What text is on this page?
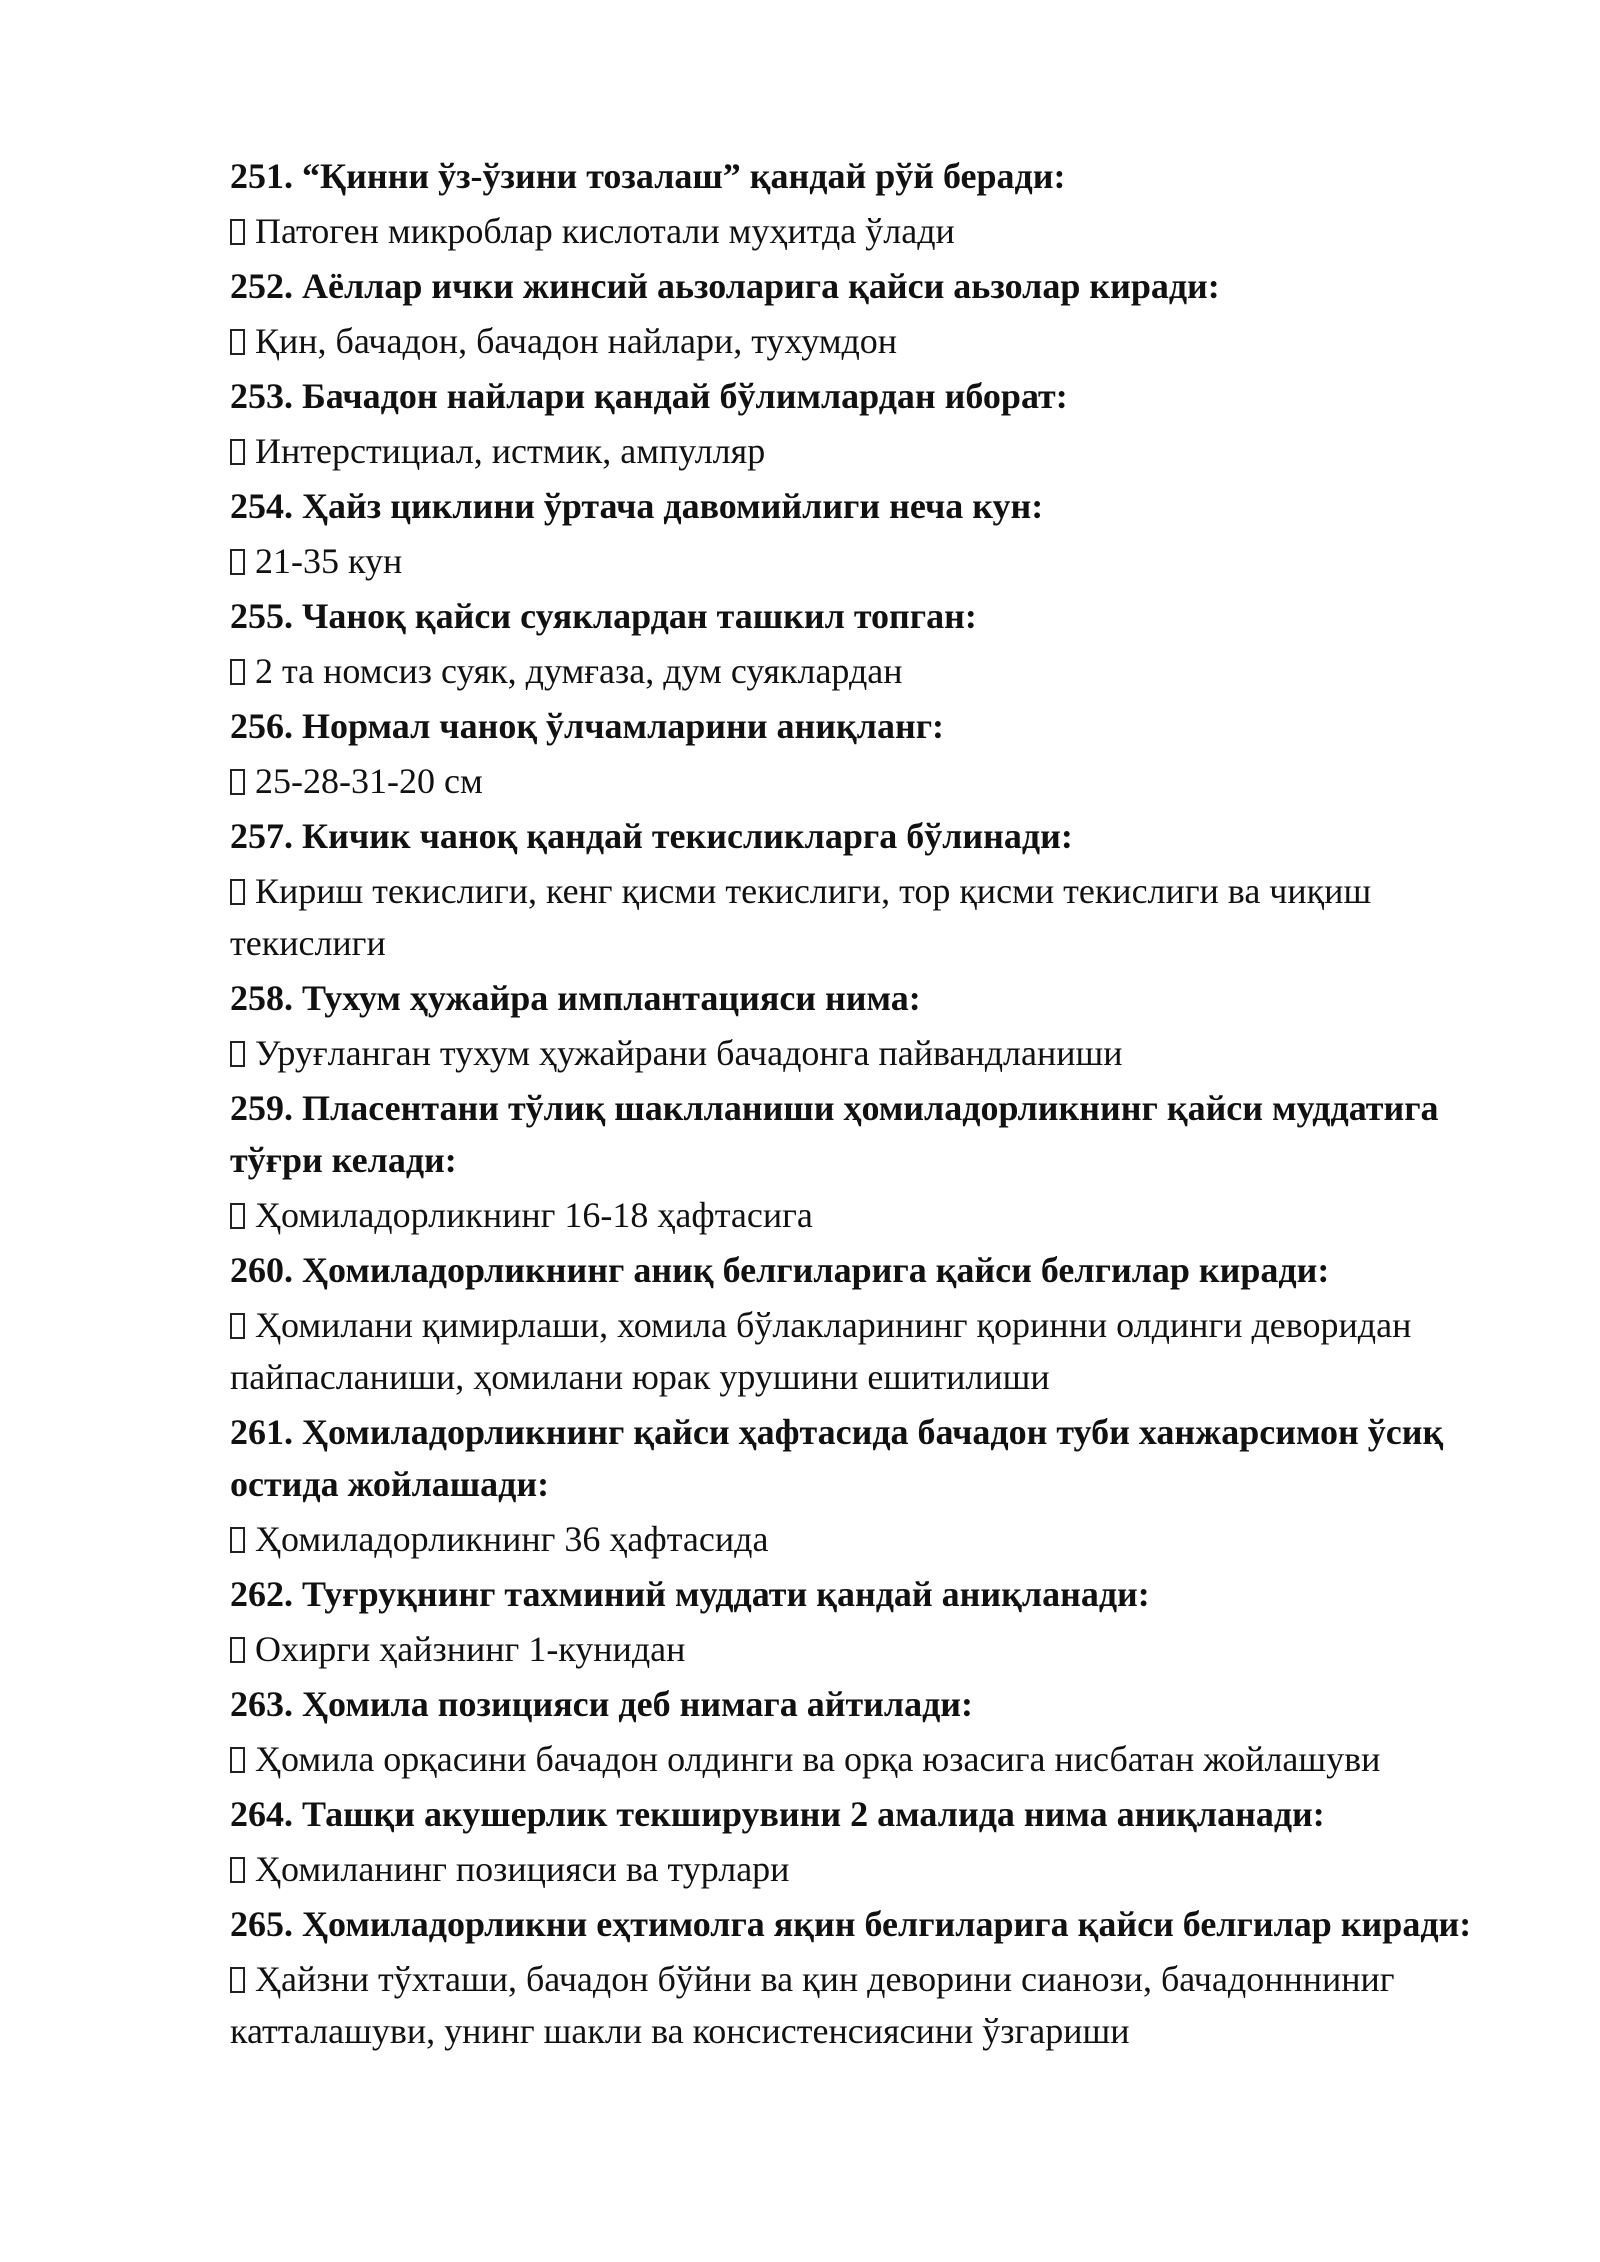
251. “Қинни ўз-ўзини тозалаш” қандай рўй беради:

Патоген микроблар кислотали муҳитда ўлади

252. Аёллар ички жинсий аьзоларига қайси аьзолар киради:

Қин, бачадон, бачадон найлари, тухумдон

253. Бачадон найлари қандай бўлимлардан иборат:

Интерстициал, истмик, ампулляр

254. Ҳайз циклини ўртача давомийлиги неча кун:

21-35 кун

255. Чаноқ қайси суяклардан ташкил топган:

2 та номсиз суяк, думғаза, дум суяклардан

256. Нормал чаноқ ўлчамларини аниқланг:

25-28-31-20 см

257. Кичик чаноқ қандай текисликларга бўлинади:

Кириш текислиги, кенг қисми текислиги, тор қисми текислиги ва чиқиш текислиги

258. Тухум ҳужайра имплантацияси нима:

Уруғланган тухум ҳужайрани бачадонга пайвандланиши

259. Пласентани тўлиқ шаклланиши ҳомиладорликнинг қайси муддатига тўғри келади:

Ҳомиладорликнинг 16-18 ҳафтасига

260. Ҳомиладорликнинг аниқ белгиларига қайси белгилар киради:

Ҳомилани қимирлаши, хомила бўлакларининг қоринни олдинги деворидан пайпасланиши, ҳомилани юрак урушини ешитилиши

261. Ҳомиладорликнинг қайси ҳафтасида бачадон туби ханжарсимон ўсиқ остида жойлашади:

Ҳомиладорликнинг 36 ҳафтасида

262. Туғруқнинг тахминий муддати қандай аниқланади:

Охирги ҳайзнинг 1-кунидан

263. Ҳомила позицияси деб нимага айтилади:

Ҳомила орқасини бачадон олдинги ва орқа юзасига нисбатан жойлашуви

264. Ташқи акушерлик текширувини 2 амалида нима аниқланади:

Ҳомиланинг позицияси ва турлари

265. Ҳомиладорликни еҳтимолга яқин белгиларига қайси белгилар киради:

Ҳайзни тўхташи, бачадон бўйни ва қин деворини сианози, бачадоннниниг катталашуви, унинг шакли ва консистенсиясини ўзгариши
